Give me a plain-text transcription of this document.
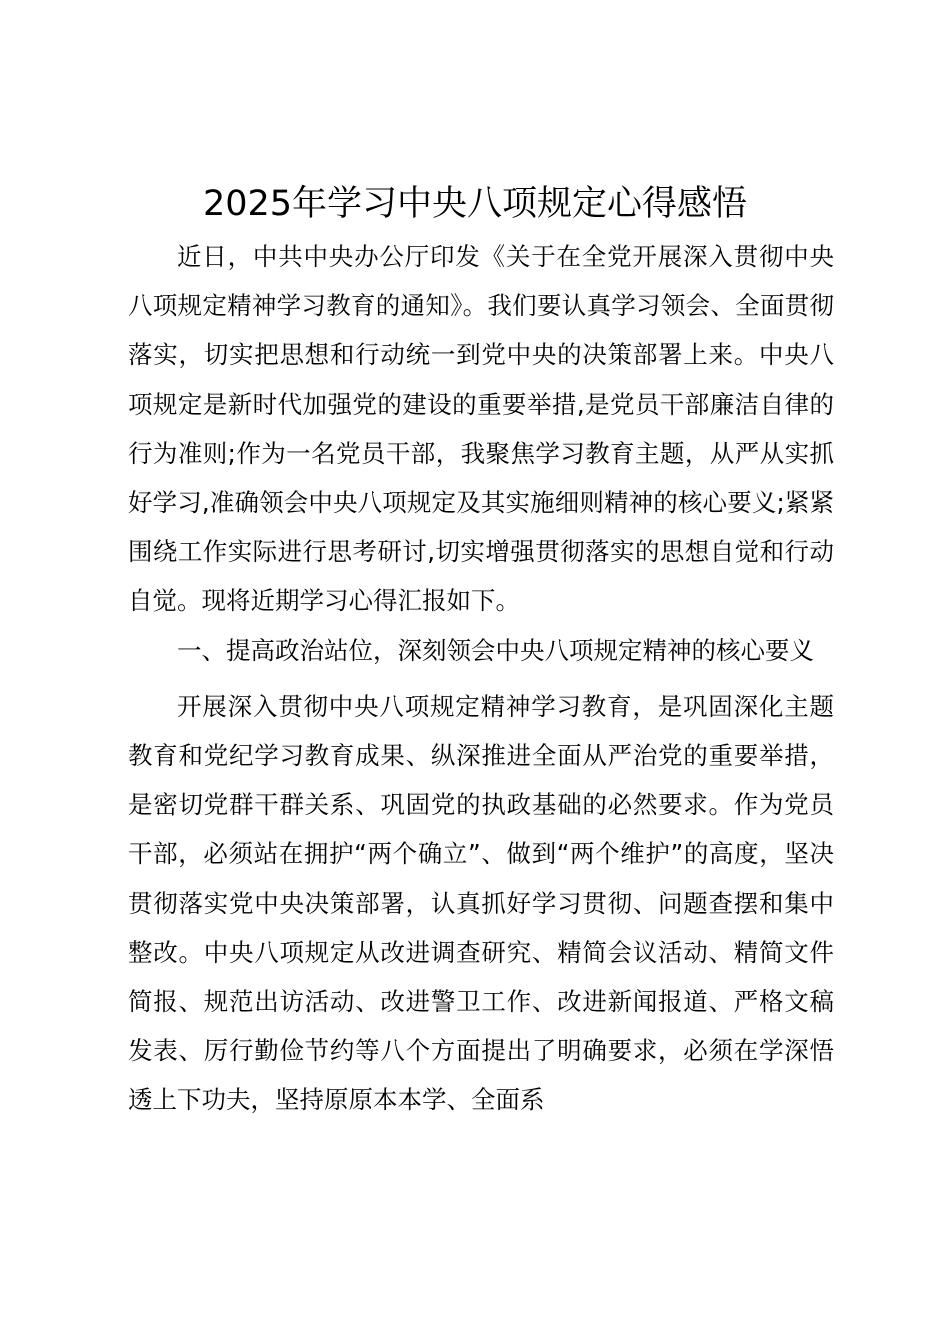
2025年学习中央八项规定心得感悟

近日，中共中央办公厅印发《关于在全党开展深入贯彻中央八项规定精神学习教育的通知》。我们要认真学习领会、全面贯彻落实，切实把思想和行动统一到党中央的决策部署上来。中央八项规定是新时代加强党的建设的重要举措,是党员干部廉洁自律的行为准则;作为一名党员干部，我聚焦学习教育主题，从严从实抓好学习,准确领会中央八项规定及其实施细则精神的核心要义;紧紧围绕工作实际进行思考研讨,切实增强贯彻落实的思想自觉和行动自觉。现将近期学习心得汇报如下。

一、提高政治站位，深刻领会中央八项规定精神的核心要义

开展深入贯彻中央八项规定精神学习教育，是巩固深化主题教育和党纪学习教育成果、纵深推进全面从严治党的重要举措，是密切党群干群关系、巩固党的执政基础的必然要求。作为党员干部，必须站在拥护“两个确立”、做到“两个维护”的高度，坚决贯彻落实党中央决策部署，认真抓好学习贯彻、问题查摆和集中整改。中央八项规定从改进调查研究、精简会议活动、精简文件简报、规范出访活动、改进警卫工作、改进新闻报道、严格文稿发表、厉行勤俭节约等八个方面提出了明确要求，必须在学深悟透上下功夫，坚持原原本本学、全面系
